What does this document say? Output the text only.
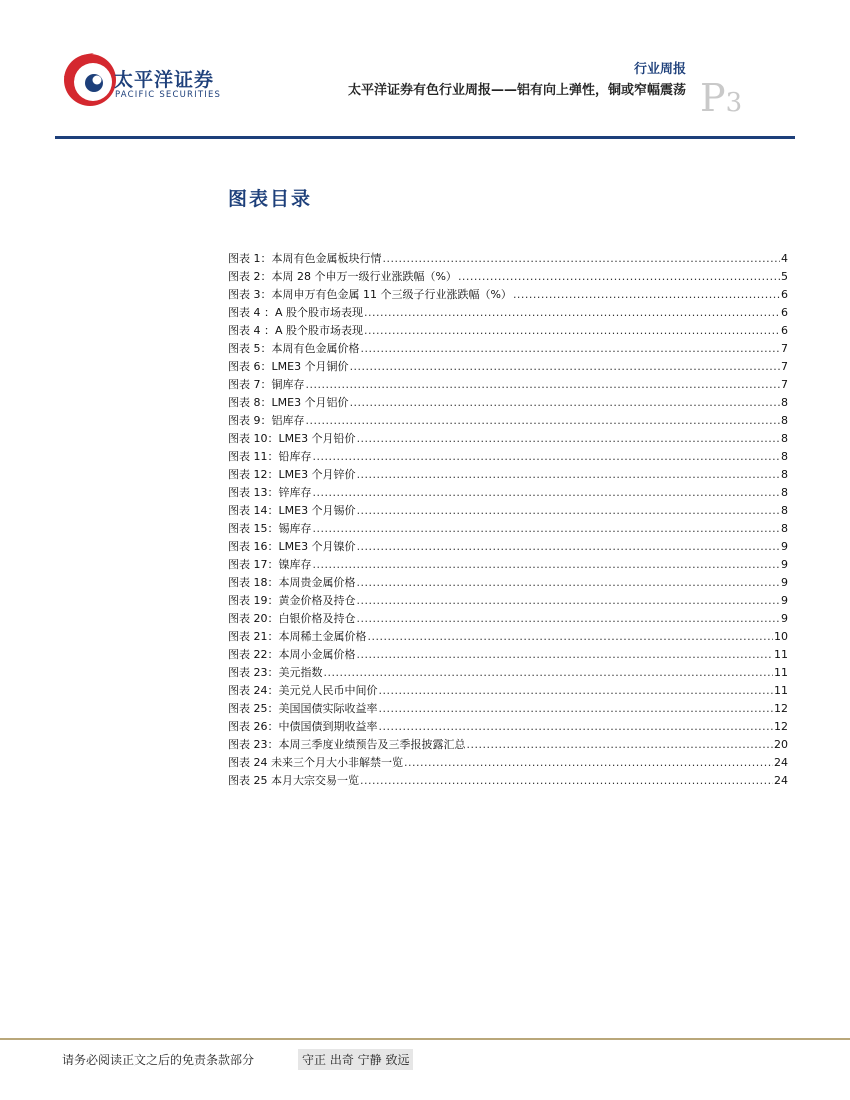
太平洋证券
PACIFIC SECURITIES
行业周报
太平洋证券有色行业周报——铝有向上弹性，铜或窄幅震荡 P3
图表目录
图表 1：本周有色金属板块行情 .....	4
图表 2：本周 28 个申万一级行业涨跌幅（%） .....	5
图表 3：本周申万有色金属 11 个三级子行业涨跌幅（%） .....	6
图表 4 ：A 股个股市场表现 .....	6
图表 4 ：A 股个股市场表现 .....	6
图表 5：本周有色金属价格 .....	7
图表 6：LME3 个月铜价 .....	7
图表 7：铜库存 .....	7
图表 8：LME3 个月铝价 .....	8
图表 9：铝库存 .....	8
图表 10：LME3 个月铅价 .....	8
图表 11：铅库存 .....	8
图表 12：LME3 个月锌价 .....	8
图表 13：锌库存 .....	8
图表 14：LME3 个月锡价 .....	8
图表 15：锡库存 .....	8
图表 16：LME3 个月镍价 .....	9
图表 17：镍库存 .....	9
图表 18：本周贵金属价格 .....	9
图表 19：黄金价格及持仓 .....	9
图表 20：白银价格及持仓 .....	9
图表 21：本周稀土金属价格 .....	10
图表 22：本周小金属价格 .....	11
图表 23：美元指数 .....	11
图表 24：美元兑人民币中间价 .....	11
图表 25：美国国债实际收益率 .....	12
图表 26：中债国债到期收益率 .....	12
图表 23：本周三季度业绩预告及三季报披露汇总 .....	20
图表 24 未来三个月大小非解禁一览 .....	24
图表 25 本月大宗交易一览 .....	24
请务必阅读正文之后的免责条款部分	守正 出奇 宁静 致远
